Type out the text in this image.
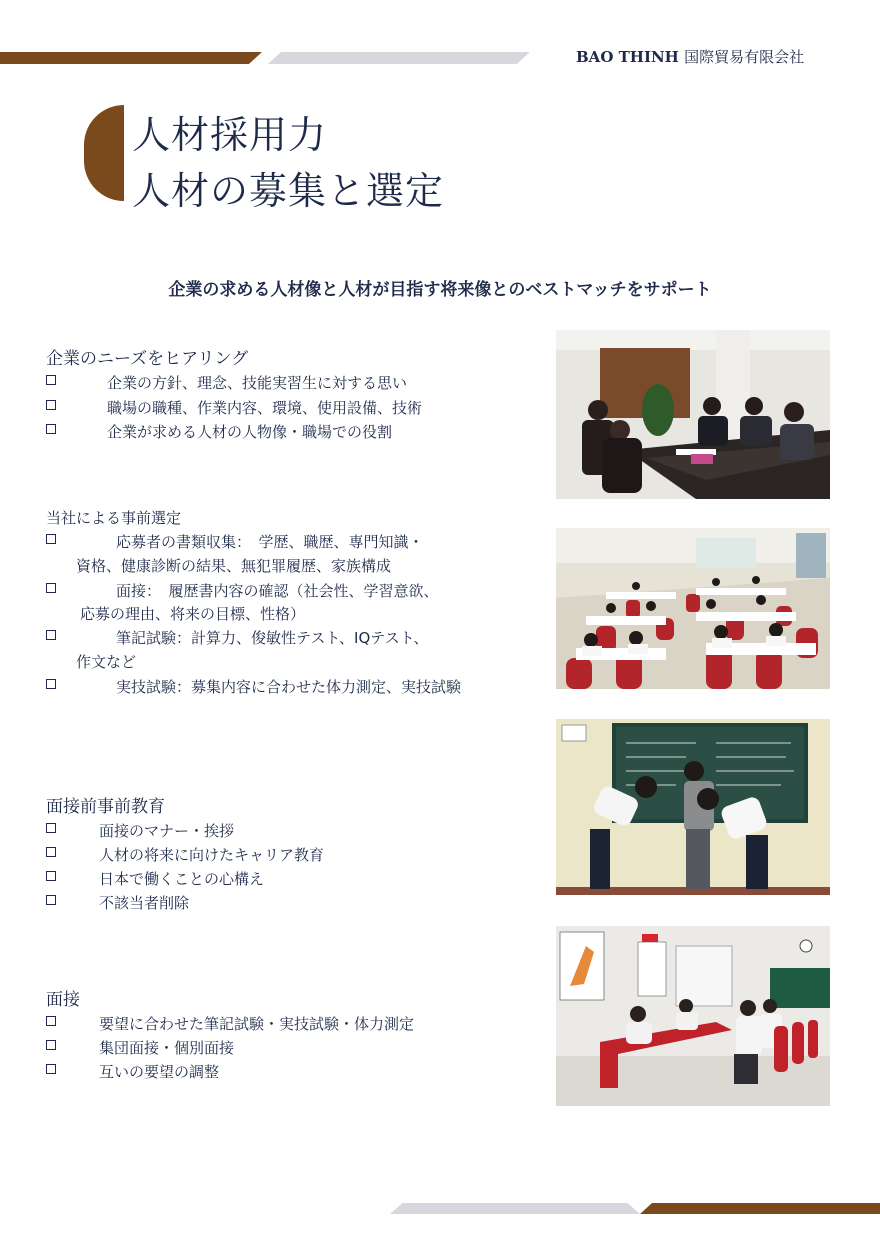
BAO THINH 国際貿易有限会社
人材採用力
人材の募集と選定
企業の求める人材像と人材が目指す将来像とのベストマッチをサポート
企業のニーズをヒアリング
企業の方針、理念、技能実習生に対する思い
職場の職種、作業内容、環境、使用設備、技術
企業が求める人材の人物像・職場での役割
当社による事前選定
応募者の書類収集：　学歴、職歴、専門知識・
資格、健康診断の結果、無犯罪履歴、家族構成
面接：　履歴書内容の確認（社会性、学習意欲、
応募の理由、将来の目標、性格）
筆記試験：計算力、俊敏性テスト、IQテスト、
作文など
実技試験：募集内容に合わせた体力測定、実技試験
面接前事前教育
面接のマナー・挨拶
人材の将来に向けたキャリア教育
日本で働くことの心構え
不該当者削除
面接
要望に合わせた筆記試験・実技試験・体力測定
集団面接・個別面接
互いの要望の調整
